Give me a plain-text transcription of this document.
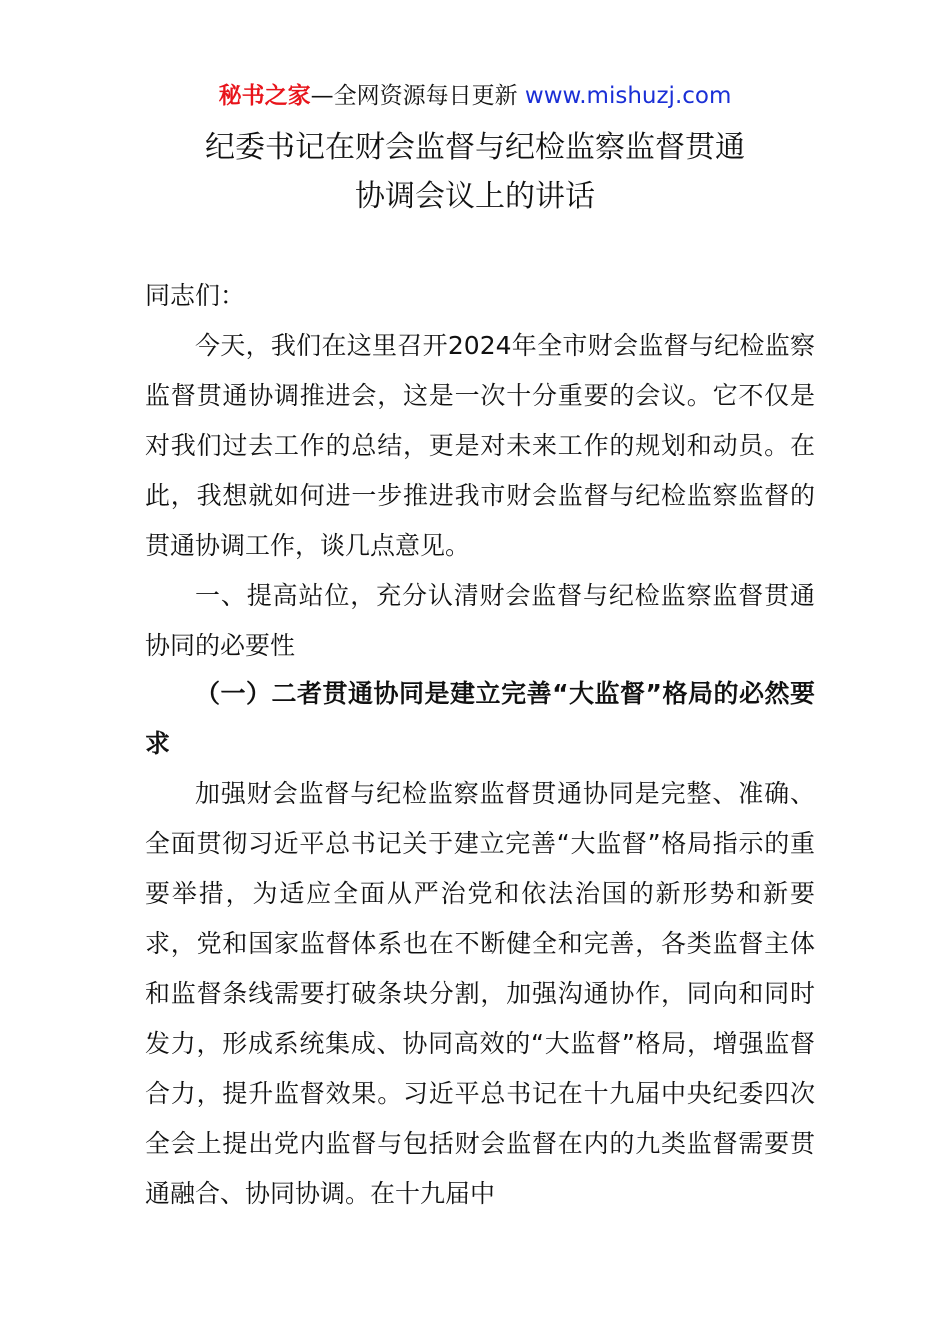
秘书之家—全网资源每日更新 www.mishuzj.com
纪委书记在财会监督与纪检监察监督贯通
协调会议上的讲话
同志们：
今天，我们在这里召开2024年全市财会监督与纪检监察监督贯通协调推进会，这是一次十分重要的会议。它不仅是对我们过去工作的总结，更是对未来工作的规划和动员。在此，我想就如何进一步推进我市财会监督与纪检监察监督的贯通协调工作，谈几点意见。
一、提高站位，充分认清财会监督与纪检监察监督贯通协同的必要性
（一）二者贯通协同是建立完善“大监督”格局的必然要求
加强财会监督与纪检监察监督贯通协同是完整、准确、全面贯彻习近平总书记关于建立完善“大监督”格局指示的重要举措，为适应全面从严治党和依法治国的新形势和新要求，党和国家监督体系也在不断健全和完善，各类监督主体和监督条线需要打破条块分割，加强沟通协作，同向和同时发力，形成系统集成、协同高效的“大监督”格局，增强监督合力，提升监督效果。习近平总书记在十九届中央纪委四次全会上提出党内监督与包括财会监督在内的九类监督需要贯通融合、协同协调。在十九届中
